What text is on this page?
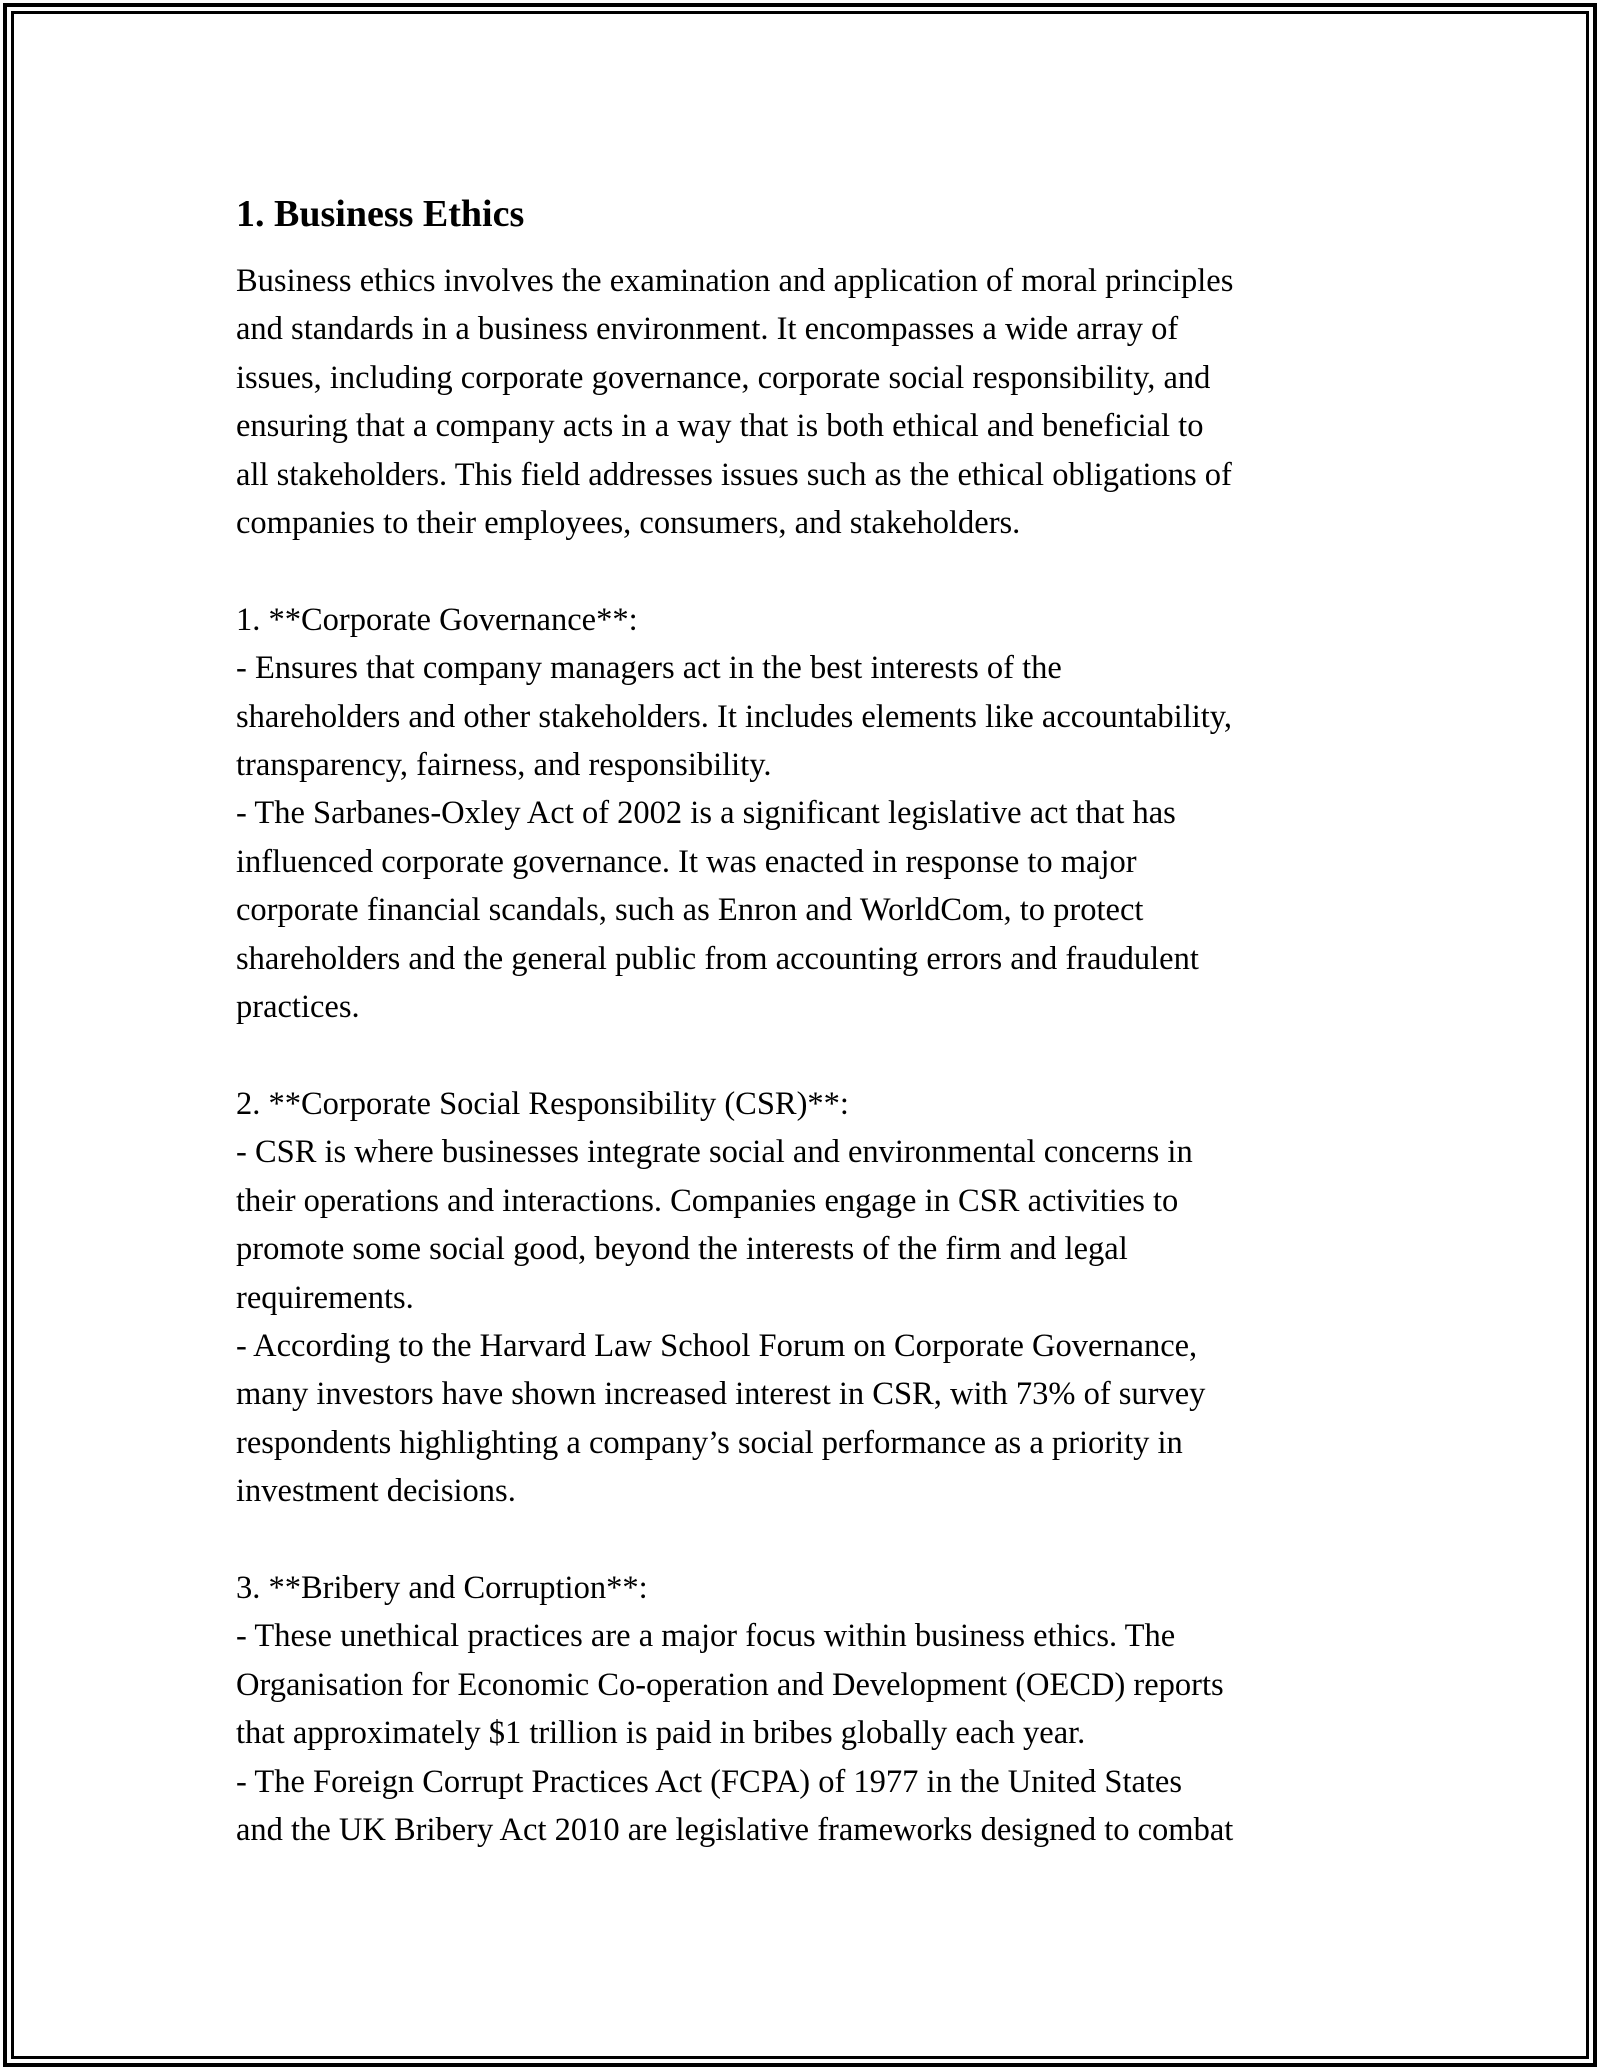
1. Business Ethics

Business ethics involves the examination and application of moral principles
and standards in a business environment. It encompasses a wide array of
issues, including corporate governance, corporate social responsibility, and
ensuring that a company acts in a way that is both ethical and beneficial to
all stakeholders. This field addresses issues such as the ethical obligations of
companies to their employees, consumers, and stakeholders.

1. **Corporate Governance**:

- Ensures that company managers act in the best interests of the
shareholders and other stakeholders. It includes elements like accountability,
transparency, fairness, and responsibility.

- The Sarbanes-Oxley Act of 2002 is a significant legislative act that has
influenced corporate governance. It was enacted in response to major
corporate financial scandals, such as Enron and WorldCom, to protect
shareholders and the general public from accounting errors and fraudulent
practices.

2. **Corporate Social Responsibility (CSR)**:

- CSR is where businesses integrate social and environmental concerns in
their operations and interactions. Companies engage in CSR activities to
promote some social good, beyond the interests of the firm and legal
requirements.

- According to the Harvard Law School Forum on Corporate Governance,
many investors have shown increased interest in CSR, with 73% of survey
respondents highlighting a company’s social performance as a priority in
investment decisions.

3. **Bribery and Corruption**:

- These unethical practices are a major focus within business ethics. The
Organisation for Economic Co-operation and Development (OECD) reports
that approximately $1 trillion is paid in bribes globally each year.

- The Foreign Corrupt Practices Act (FCPA) of 1977 in the United States
and the UK Bribery Act 2010 are legislative frameworks designed to combat
